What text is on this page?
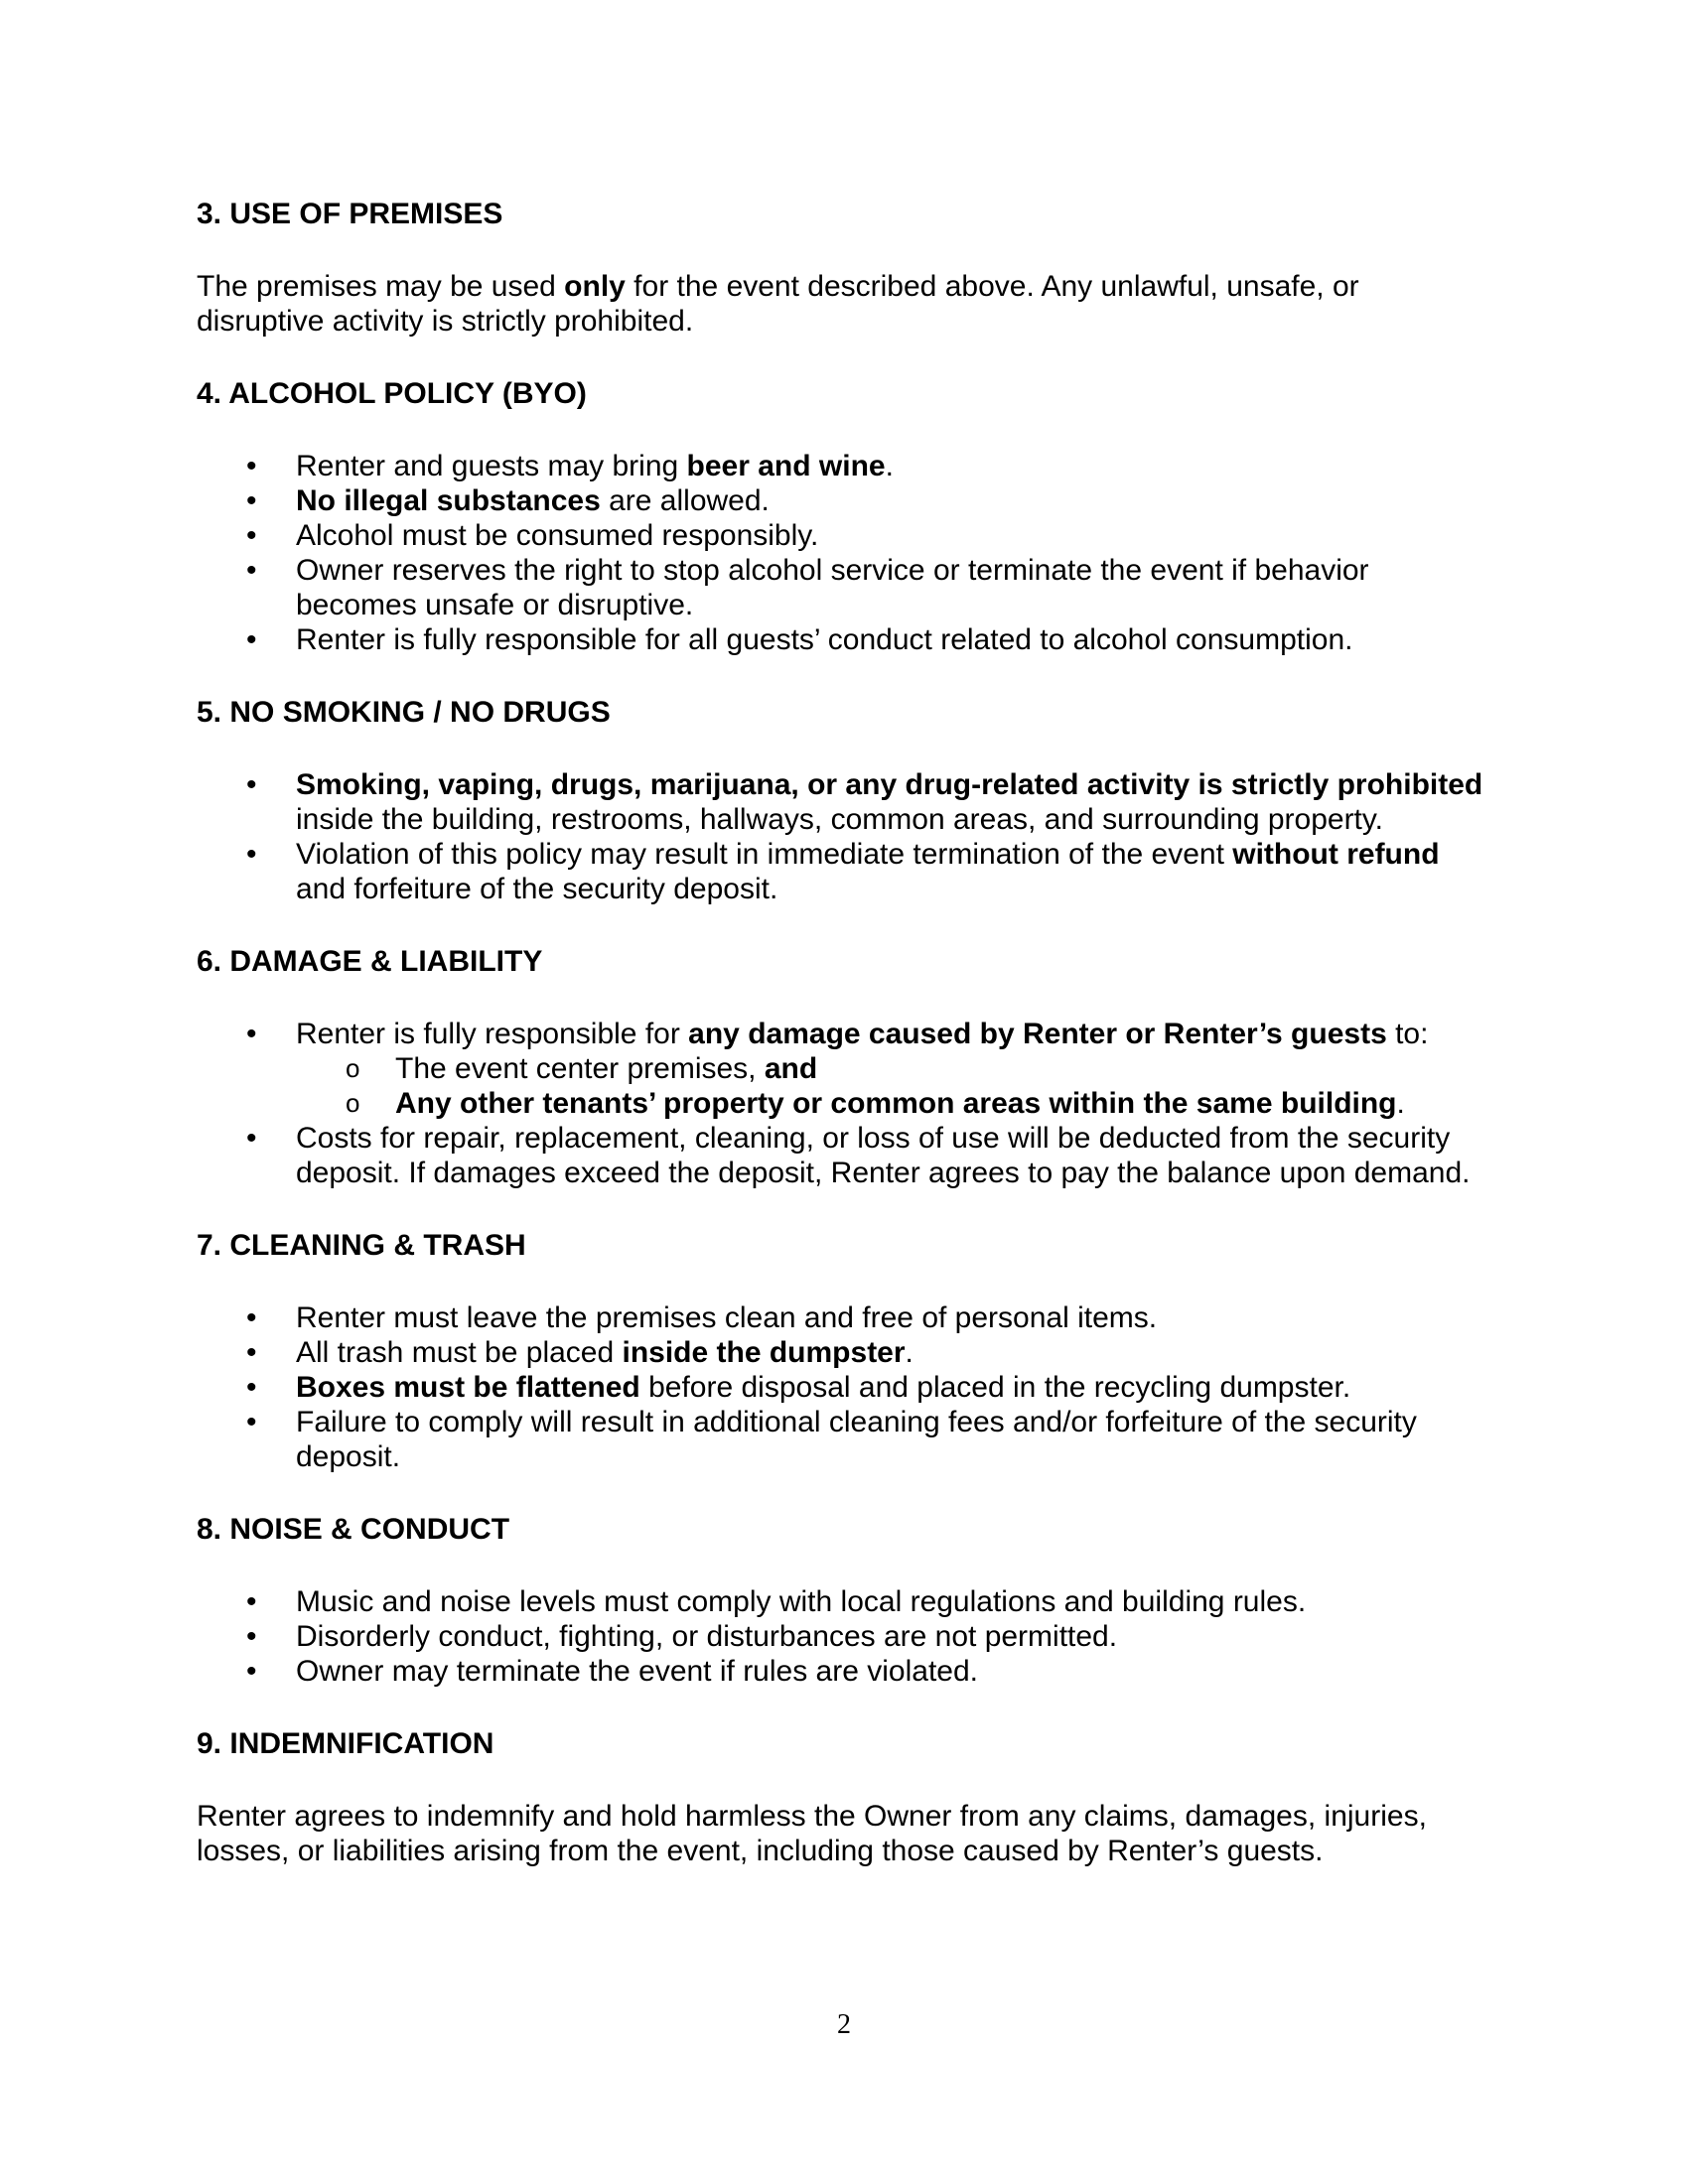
3. USE OF PREMISES

The premises may be used only for the event described above. Any unlawful, unsafe, or disruptive activity is strictly prohibited.

4. ALCOHOL POLICY (BYO)
• Renter and guests may bring beer and wine.
• No illegal substances are allowed.
• Alcohol must be consumed responsibly.
• Owner reserves the right to stop alcohol service or terminate the event if behavior becomes unsafe or disruptive.
• Renter is fully responsible for all guests’ conduct related to alcohol consumption.
5. NO SMOKING / NO DRUGS
• Smoking, vaping, drugs, marijuana, or any drug-related activity is strictly prohibited inside the building, restrooms, hallways, common areas, and surrounding property.
• Violation of this policy may result in immediate termination of the event without refund and forfeiture of the security deposit.
6. DAMAGE & LIABILITY
• Renter is fully responsible for any damage caused by Renter or Renter’s guests to:
o The event center premises, and
o Any other tenants’ property or common areas within the same building.
• Costs for repair, replacement, cleaning, or loss of use will be deducted from the security deposit. If damages exceed the deposit, Renter agrees to pay the balance upon demand.
7. CLEANING & TRASH
• Renter must leave the premises clean and free of personal items.
• All trash must be placed inside the dumpster.
• Boxes must be flattened before disposal and placed in the recycling dumpster.
• Failure to comply will result in additional cleaning fees and/or forfeiture of the security deposit.
8. NOISE & CONDUCT
• Music and noise levels must comply with local regulations and building rules.
• Disorderly conduct, fighting, or disturbances are not permitted.
• Owner may terminate the event if rules are violated.
9. INDEMNIFICATION

Renter agrees to indemnify and hold harmless the Owner from any claims, damages, injuries, losses, or liabilities arising from the event, including those caused by Renter’s guests.

2
